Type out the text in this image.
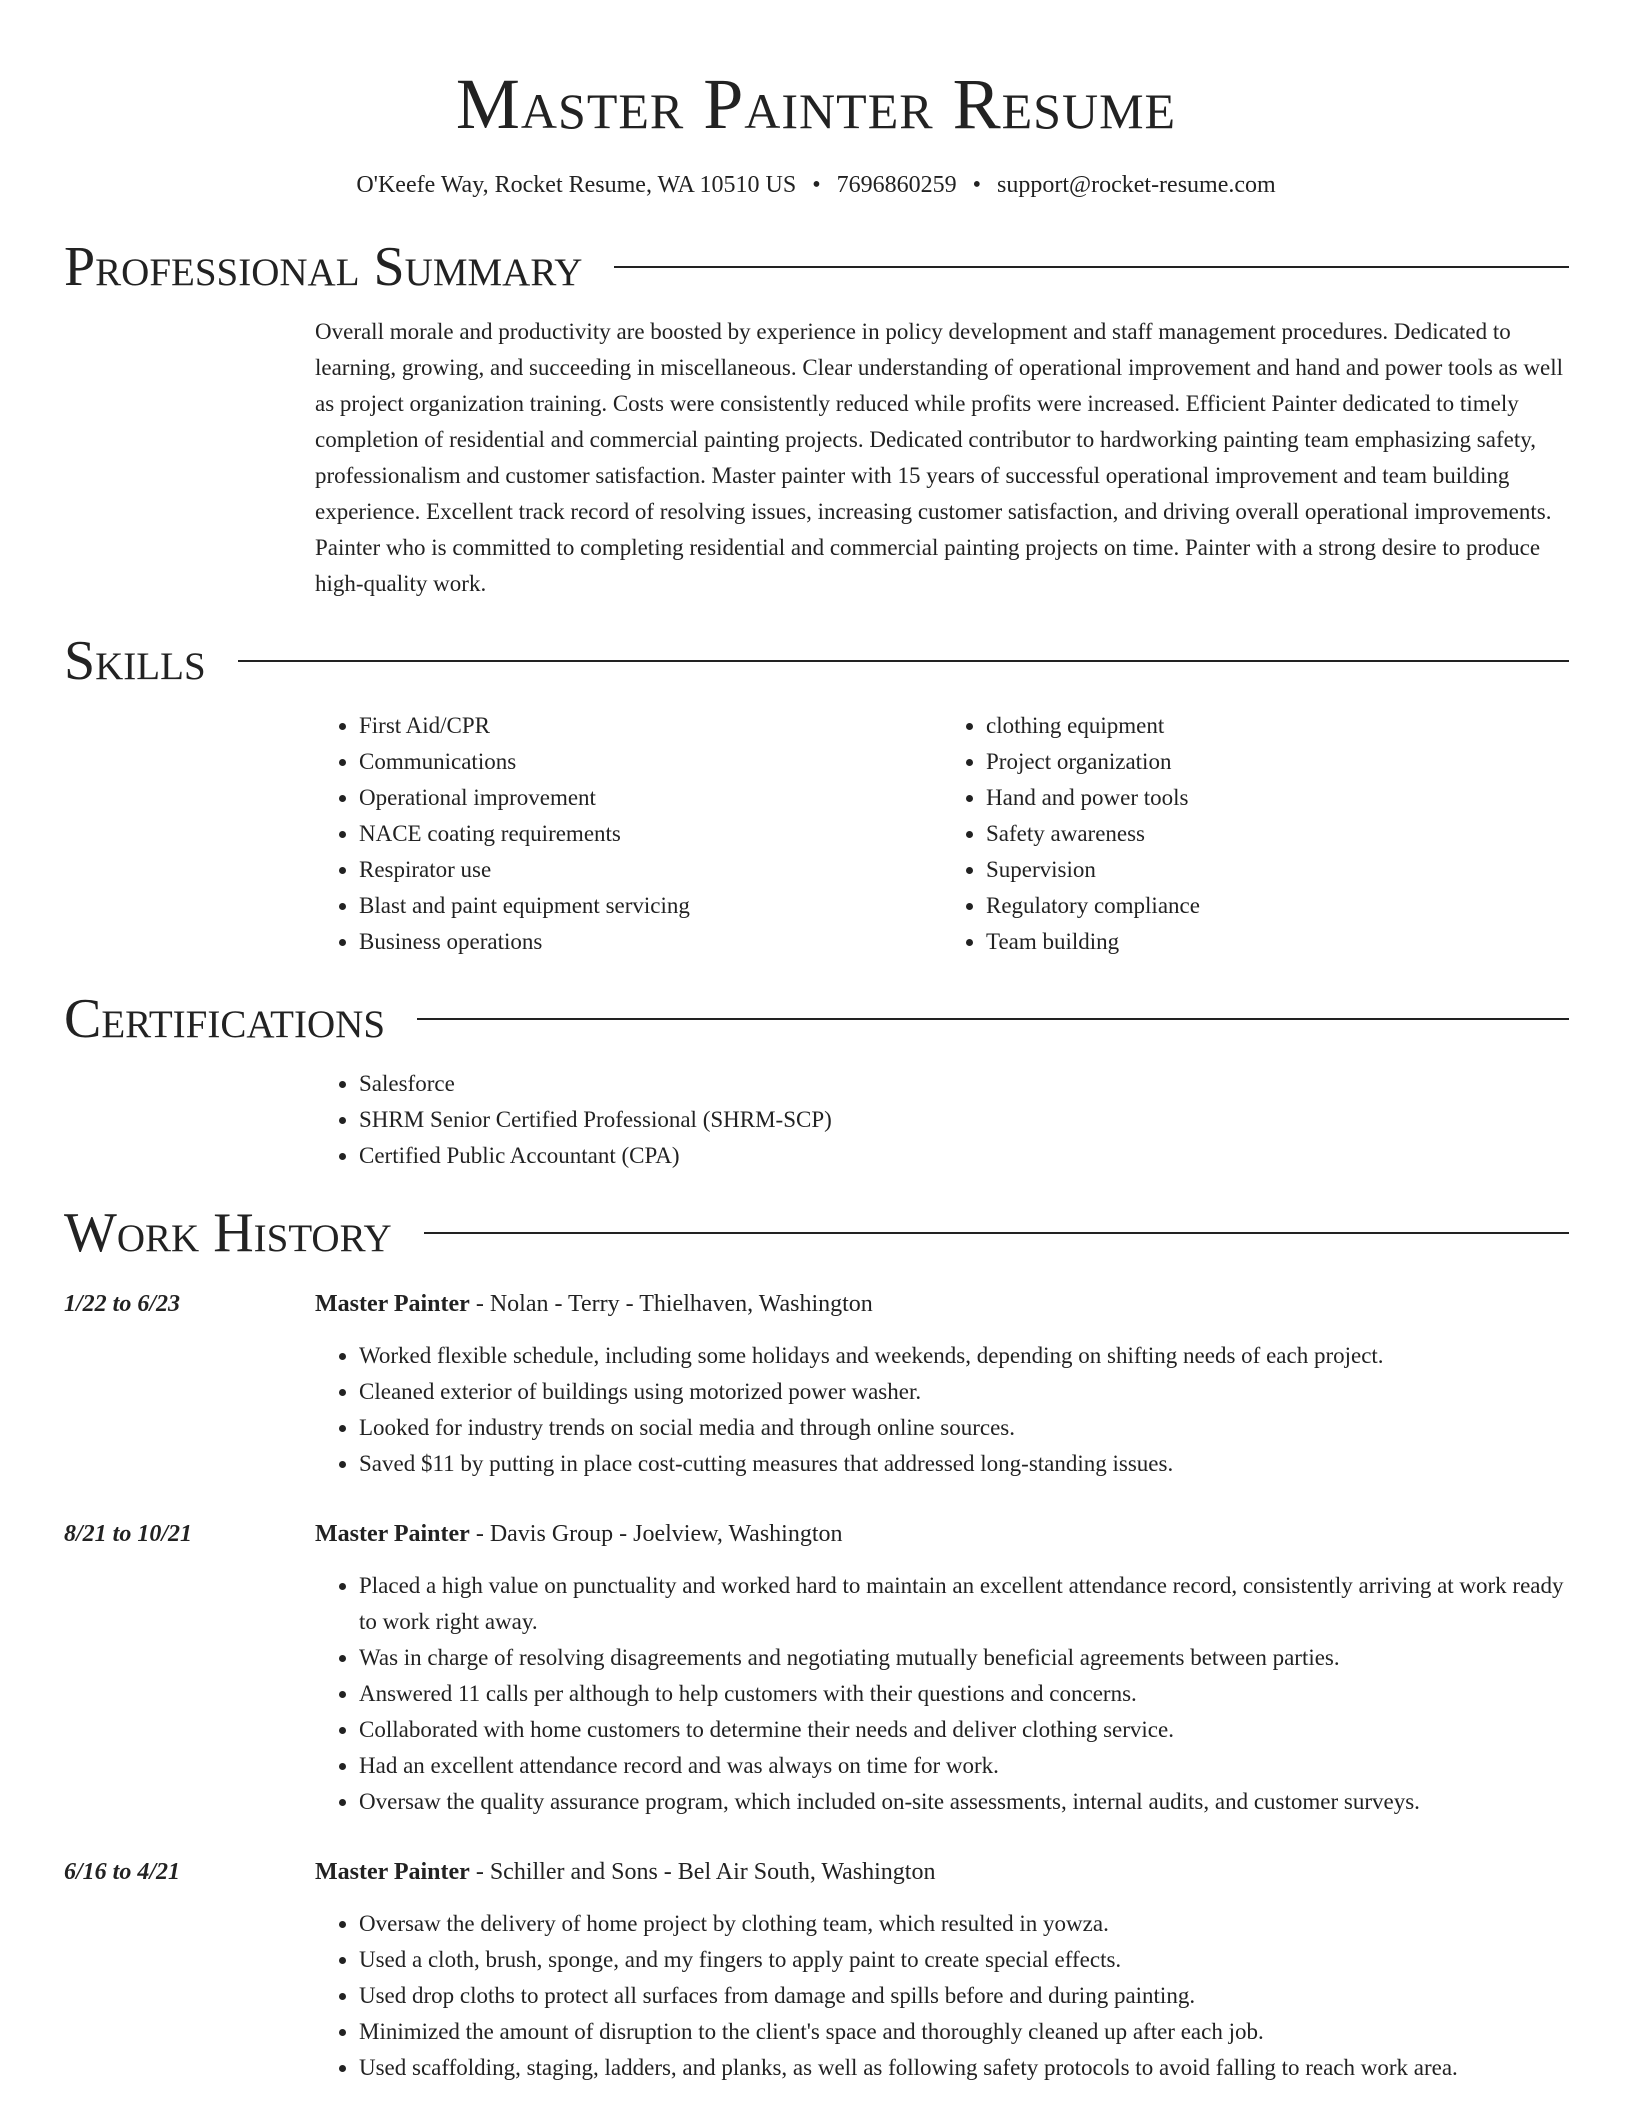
Master Painter Resume
O'Keefe Way, Rocket Resume, WA 10510 US • 7696860259 • support@rocket-resume.com
Professional Summary

Overall morale and productivity are boosted by experience in policy development and staff management procedures. Dedicated to learning, growing, and succeeding in miscellaneous. Clear understanding of operational improvement and hand and power tools as well as project organization training. Costs were consistently reduced while profits were increased. Efficient Painter dedicated to timely completion of residential and commercial painting projects. Dedicated contributor to hardworking painting team emphasizing safety, professionalism and customer satisfaction. Master painter with 15 years of successful operational improvement and team building experience. Excellent track record of resolving issues, increasing customer satisfaction, and driving overall operational improvements. Painter who is committed to completing residential and commercial painting projects on time. Painter with a strong desire to produce high-quality work.

Skills
• First Aid/CPR
• Communications
• Operational improvement
• NACE coating requirements
• Respirator use
• Blast and paint equipment servicing
• Business operations
• clothing equipment
• Project organization
• Hand and power tools
• Safety awareness
• Supervision
• Regulatory compliance
• Team building
Certifications
• Salesforce
• SHRM Senior Certified Professional (SHRM-SCP)
• Certified Public Accountant (CPA)
Work History
1/22 to 6/23	Master Painter - Nolan - Terry - Thielhaven, Washington
• Worked flexible schedule, including some holidays and weekends, depending on shifting needs of each project.
• Cleaned exterior of buildings using motorized power washer.
• Looked for industry trends on social media and through online sources.
• Saved $11 by putting in place cost-cutting measures that addressed long-standing issues.
8/21 to 10/21	Master Painter - Davis Group - Joelview, Washington
• Placed a high value on punctuality and worked hard to maintain an excellent attendance record, consistently arriving at work ready to work right away.
• Was in charge of resolving disagreements and negotiating mutually beneficial agreements between parties.
• Answered 11 calls per although to help customers with their questions and concerns.
• Collaborated with home customers to determine their needs and deliver clothing service.
• Had an excellent attendance record and was always on time for work.
• Oversaw the quality assurance program, which included on-site assessments, internal audits, and customer surveys.
6/16 to 4/21	Master Painter - Schiller and Sons - Bel Air South, Washington
• Oversaw the delivery of home project by clothing team, which resulted in yowza.
• Used a cloth, brush, sponge, and my fingers to apply paint to create special effects.
• Used drop cloths to protect all surfaces from damage and spills before and during painting.
• Minimized the amount of disruption to the client's space and thoroughly cleaned up after each job.
• Used scaffolding, staging, ladders, and planks, as well as following safety protocols to avoid falling to reach work area.
